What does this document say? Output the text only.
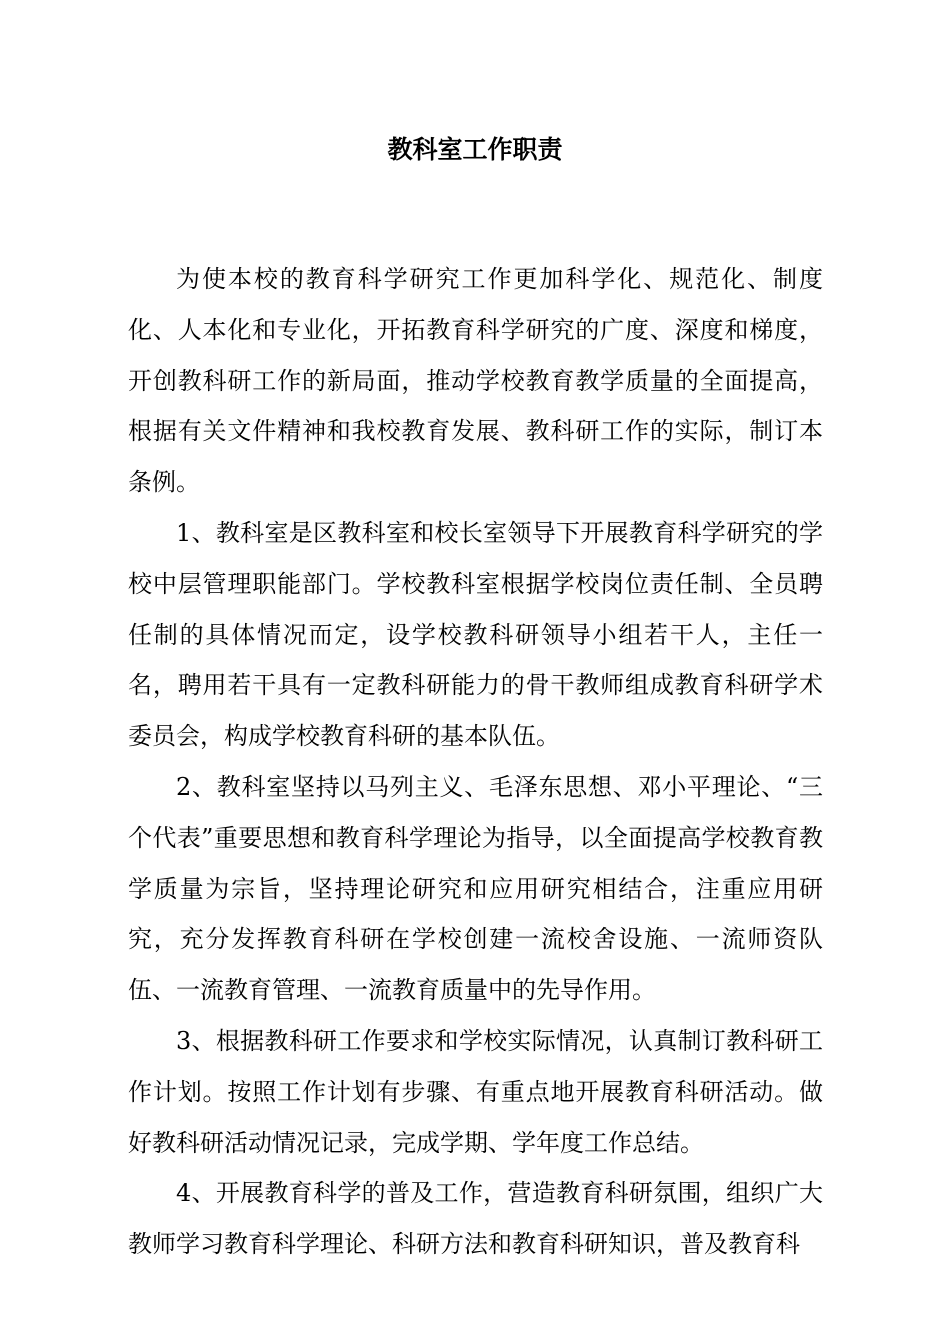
教科室工作职责

为使本校的教育科学研究工作更加科学化、规范化、制度化、人本化和专业化，开拓教育科学研究的广度、深度和梯度，开创教科研工作的新局面，推动学校教育教学质量的全面提高，根据有关文件精神和我校教育发展、教科研工作的实际，制订本条例。

1、教科室是区教科室和校长室领导下开展教育科学研究的学校中层管理职能部门。学校教科室根据学校岗位责任制、全员聘任制的具体情况而定，设学校教科研领导小组若干人，主任一名，聘用若干具有一定教科研能力的骨干教师组成教育科研学术委员会，构成学校教育科研的基本队伍。

2、教科室坚持以马列主义、毛泽东思想、邓小平理论、“三个代表”重要思想和教育科学理论为指导，以全面提高学校教育教学质量为宗旨，坚持理论研究和应用研究相结合，注重应用研究，充分发挥教育科研在学校创建一流校舍设施、一流师资队伍、一流教育管理、一流教育质量中的先导作用。

3、根据教科研工作要求和学校实际情况，认真制订教科研工作计划。按照工作计划有步骤、有重点地开展教育科研活动。做好教科研活动情况记录，完成学期、学年度工作总结。

4、开展教育科学的普及工作，营造教育科研氛围，组织广大教师学习教育科学理论、科研方法和教育科研知识，普及教育科
